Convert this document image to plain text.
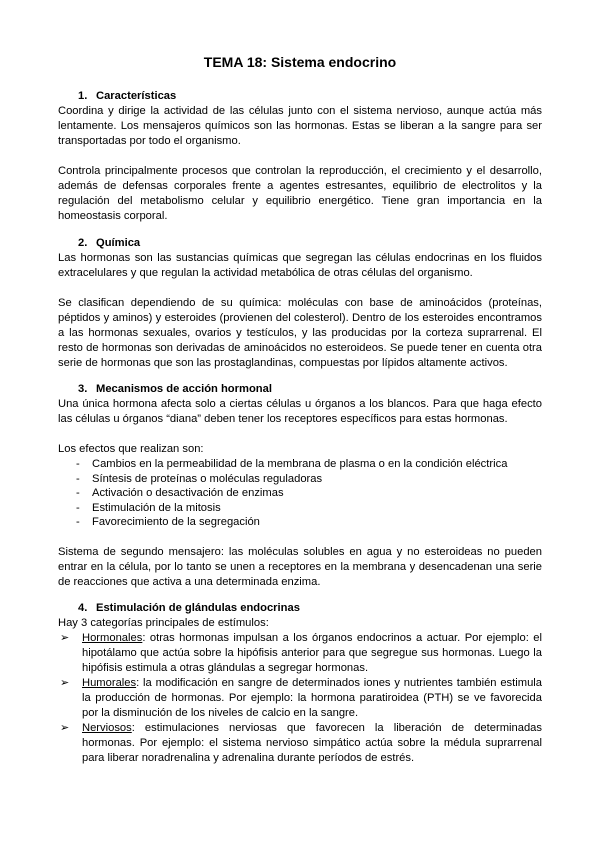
TEMA 18: Sistema endocrino
1. Características

Coordina y dirige la actividad de las células junto con el sistema nervioso, aunque actúa más lentamente. Los mensajeros químicos son las hormonas. Estas se liberan a la sangre para ser transportadas por todo el organismo.

Controla principalmente procesos que controlan la reproducción, el crecimiento y el desarrollo, además de defensas corporales frente a agentes estresantes, equilibrio de electrolitos y la regulación del metabolismo celular y equilibrio energético. Tiene gran importancia en la homeostasis corporal.

2. Química

Las hormonas son las sustancias químicas que segregan las células endocrinas en los fluidos extracelulares y que regulan la actividad metabólica de otras células del organismo.

Se clasifican dependiendo de su química: moléculas con base de aminoácidos (proteínas, péptidos y aminos) y esteroides (provienen del colesterol). Dentro de los esteroides encontramos a las hormonas sexuales, ovarios y testículos, y las producidas por la corteza suprarrenal. El resto de hormonas son derivadas de aminoácidos no esteroideos. Se puede tener en cuenta otra serie de hormonas que son las prostaglandinas, compuestas por lípidos altamente activos.

3. Mecanismos de acción hormonal

Una única hormona afecta solo a ciertas células u órganos a los blancos. Para que haga efecto las células u órganos “diana” deben tener los receptores específicos para estas hormonas.

Los efectos que realizan son:

- Cambios en la permeabilidad de la membrana de plasma o en la condición eléctrica
- Síntesis de proteínas o moléculas reguladoras
- Activación o desactivación de enzimas
- Estimulación de la mitosis
- Favorecimiento de la segregación

Sistema de segundo mensajero: las moléculas solubles en agua y no esteroideas no pueden entrar en la célula, por lo tanto se unen a receptores en la membrana y desencadenan una serie de reacciones que activa a una determinada enzima.

4. Estimulación de glándulas endocrinas

Hay 3 categorías principales de estímulos:

➢ Hormonales: otras hormonas impulsan a los órganos endocrinos a actuar. Por ejemplo: el hipotálamo que actúa sobre la hipófisis anterior para que segregue sus hormonas. Luego la hipófisis estimula a otras glándulas a segregar hormonas.
➢ Humorales: la modificación en sangre de determinados iones y nutrientes también estimula la producción de hormonas. Por ejemplo: la hormona paratiroidea (PTH) se ve favorecida por la disminución de los niveles de calcio en la sangre.
➢ Nerviosos: estimulaciones nerviosas que favorecen la liberación de determinadas hormonas. Por ejemplo: el sistema nervioso simpático actúa sobre la médula suprarrenal para liberar noradrenalina y adrenalina durante períodos de estrés.
